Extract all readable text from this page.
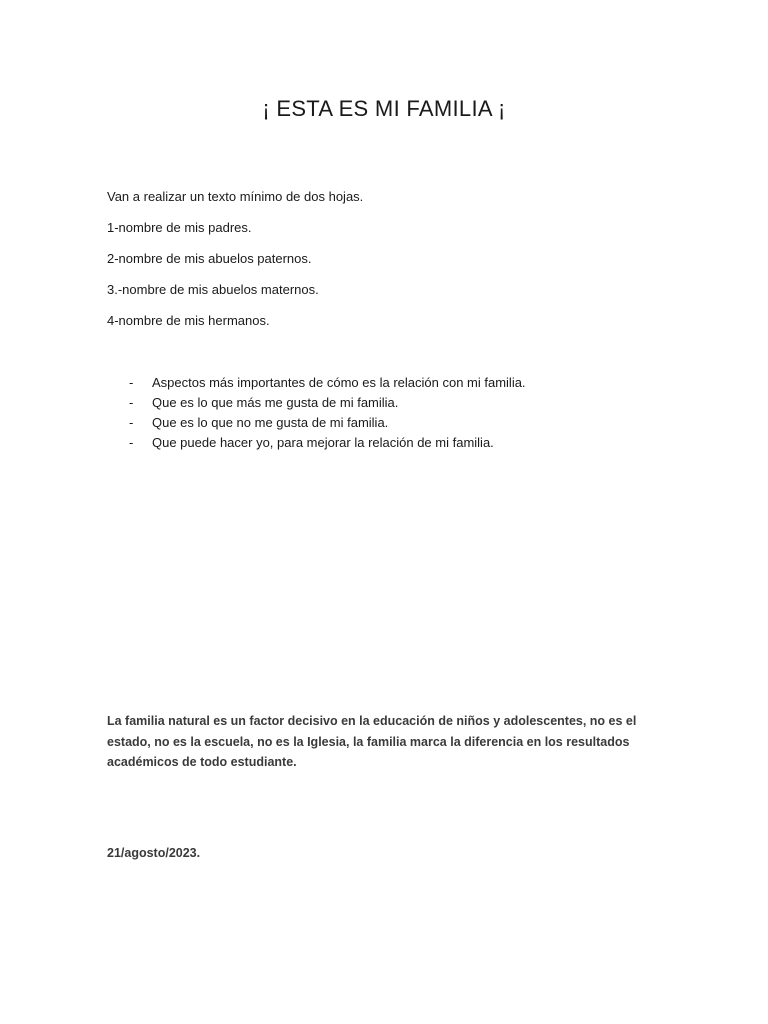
¡ ESTA ES MI FAMILIA ¡

Van a realizar un texto mínimo de dos hojas.

1-nombre de mis padres.

2-nombre de mis abuelos paternos.

3.-nombre de mis abuelos maternos.

4-nombre de mis hermanos.

-	Aspectos más importantes de cómo es la relación con mi familia.
-	Que es lo que más me gusta de mi familia.
-	Que es lo que no me gusta de mi familia.
-	Que puede hacer yo, para mejorar la relación de mi familia.

La familia natural es un factor decisivo en la educación de niños y adolescentes, no es el estado, no es la escuela, no es la Iglesia, la familia marca la diferencia en los resultados académicos de todo estudiante.

21/agosto/2023.
